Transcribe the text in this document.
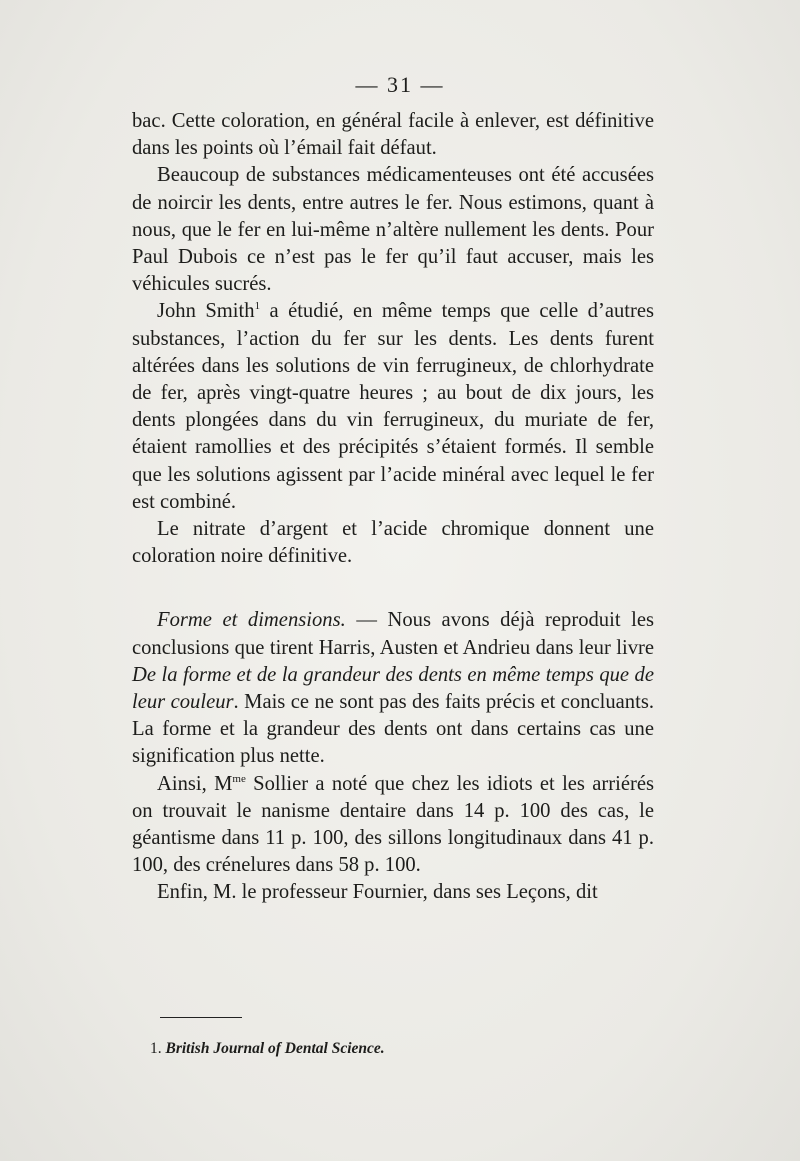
— 31 —

bac. Cette coloration, en général facile à enlever, est définitive dans les points où l’émail fait défaut.

Beaucoup de substances médicamenteuses ont été accusées de noircir les dents, entre autres le fer. Nous estimons, quant à nous, que le fer en lui-même n’altère nullement les dents. Pour Paul Dubois ce n’est pas le fer qu’il faut accuser, mais les véhicules sucrés.

John Smith$^1$ a étudié, en même temps que celle d’autres substances, l’action du fer sur les dents. Les dents furent altérées dans les solutions de vin ferrugineux, de chlorhydrate de fer, après vingt-quatre heures ; au bout de dix jours, les dents plongées dans du vin ferrugineux, du muriate de fer, étaient ramollies et des précipités s’étaient formés. Il semble que les solutions agissent par l’acide minéral avec lequel le fer est combiné.

Le nitrate d’argent et l’acide chromique donnent une coloration noire définitive.

Forme et dimensions. — Nous avons déjà reproduit les conclusions que tirent Harris, Austen et Andrieu dans leur livre De la forme et de la grandeur des dents en même temps que de leur couleur. Mais ce ne sont pas des faits précis et concluants. La forme et la grandeur des dents ont dans certains cas une signification plus nette.

Ainsi, $M^{me}$ Sollier a noté que chez les idiots et les arriérés on trouvait le nanisme dentaire dans 14 p. 100 des cas, le géantisme dans 11 p. 100, des sillons longitudinaux dans 41 p. 100, des crénelures dans 58 p. 100.

Enfin, M. le professeur Fournier, dans ses Leçons, dit

1. British Journal of Dental Science.
